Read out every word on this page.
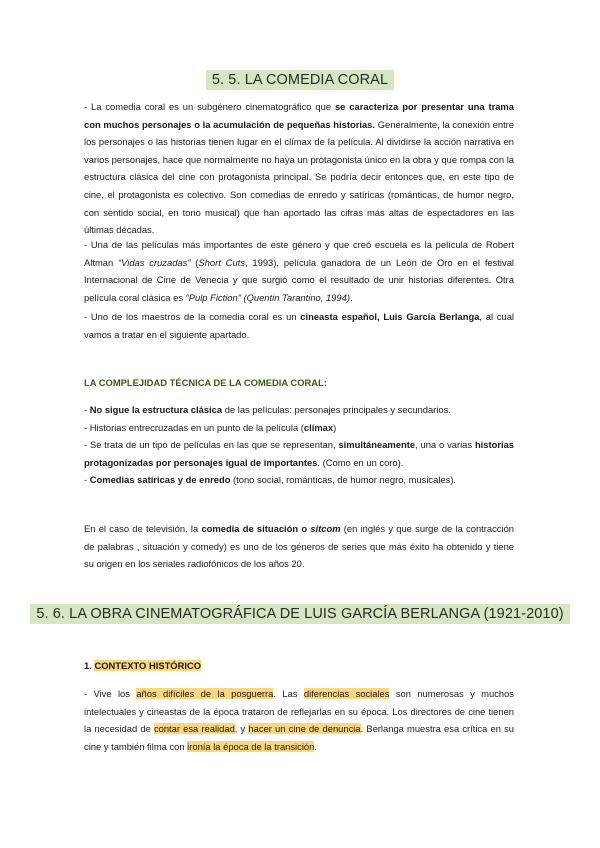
5. 5. LA COMEDIA CORAL

- La comedia coral es un subgénero cinematográfico que se caracteriza por presentar una trama con muchos personajes o la acumulación de pequeñas historias. Generalmente, la conexión entre los personajes o las historias tienen lugar en el clímax de la película. Al dividirse la acción narrativa en varios personajes, hace que normalmente no haya un protagonista único en la obra y que rompa con la estructura clásica del cine con protagonista principal. Se podría decir entonces que, en este tipo de cine, el protagonista es colectivo. Son comedias de enredo y satíricas (románticas, de humor negro, con sentido social, en tono musical) que han aportado las cifras más altas de espectadores en las últimas décadas.

- Una de las películas más importantes de este género y que creó escuela es la película de Robert Altman “Vidas cruzadas” (Short Cuts, 1993), película ganadora de un León de Oro en el festival Internacional de Cine de Venecia y que surgió como el resultado de unir historias diferentes. Otra película coral clásica es “Pulp Fiction” (Quentin Tarantino, 1994).

- Uno de los maestros de la comedia coral es un cineasta español, Luis García Berlanga, al cual vamos a tratar en el siguiente apartado.

LA COMPLEJIDAD TÉCNICA DE LA COMEDIA CORAL:

- No sigue la estructura clásica de las películas: personajes principales y secundarios.
- Historias entrecruzadas en un punto de la película (clímax)
- Se trata de un tipo de películas en las que se representan, simultáneamente, una o varias historias protagonizadas por personajes igual de importantes. (Como en un coro).
- Comedias satíricas y de enredo (tono social, románticas, de humor negro, musicales).

En el caso de televisión, la comedia de situación o sitcom (en inglés y que surge de la contracción de palabras , situación y comedy) es uno de los géneros de series que más éxito ha obtenido y tiene su origen en los seriales radiofónicos de los años 20.

5. 6. LA OBRA CINEMATOGRÁFICA DE LUIS GARCÍA BERLANGA (1921-2010)
1. CONTEXTO HISTÓRICO

- Vive los años difíciles de la posguerra. Las diferencias sociales son numerosas y muchos intelectuales y cineastas de la época trataron de reflejarlas en su época. Los directores de cine tienen la necesidad de contar esa realidad, y hacer un cine de denuncia. Berlanga muestra esa crítica en su cine y también filma con ironía la época de la transición.
